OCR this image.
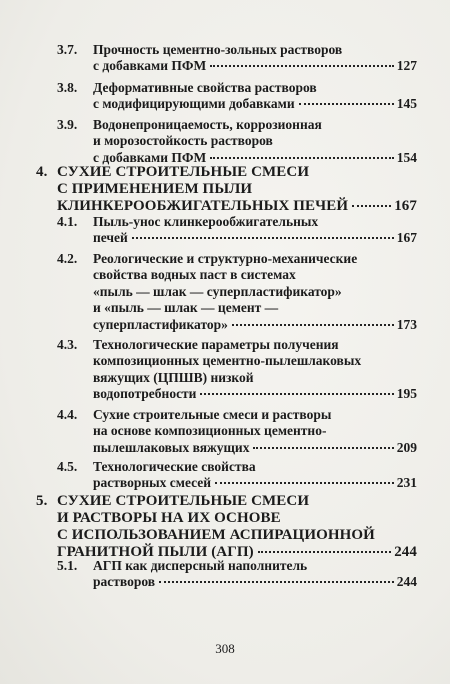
3.7. Прочность цементно-зольных растворов
с добавками ПФМ	127
3.8. Деформативные свойства растворов
с модифицирующими добавками	145
3.9. Водонепроницаемость, коррозионная
и морозостойкость растворов
с добавками ПФМ	154
4. СУХИЕ СТРОИТЕЛЬНЫЕ СМЕСИ
С ПРИМЕНЕНИЕМ ПЫЛИ
КЛИНКЕРООБЖИГАТЕЛЬНЫХ ПЕЧЕЙ	167
4.1. Пыль-унос клинкерообжигательных
печей	167
4.2. Реологические и структурно-механические
свойства водных паст в системах
«пыль — шлак — суперпластификатор»
и «пыль — шлак — цемент —
суперпластификатор»	173
4.3. Технологические параметры получения
композиционных цементно-пылешлаковых
вяжущих (ЦПШВ) низкой
водопотребности	195
4.4. Сухие строительные смеси и растворы
на основе композиционных цементно-
пылешлаковых вяжущих	209
4.5. Технологические свойства
растворных смесей	231
5. СУХИЕ СТРОИТЕЛЬНЫЕ СМЕСИ
И РАСТВОРЫ НА ИХ ОСНОВЕ
С ИСПОЛЬЗОВАНИЕМ АСПИРАЦИОННОЙ
ГРАНИТНОЙ ПЫЛИ (АГП)	244
5.1. АГП как дисперсный наполнитель
растворов	244
308
